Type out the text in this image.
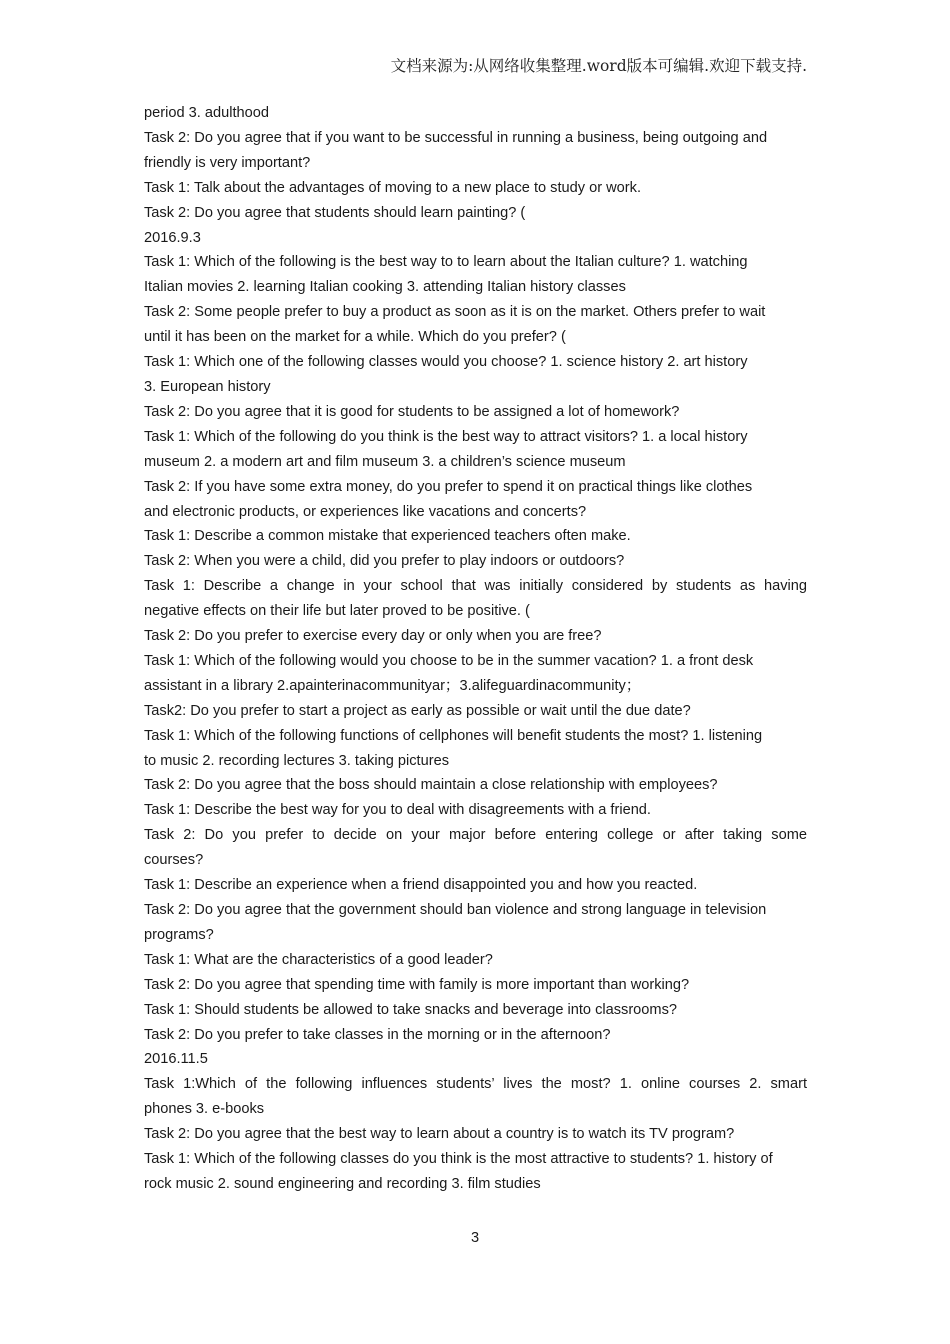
文档来源为:从网络收集整理.word版本可编辑.欢迎下载支持.
period 3. adulthood
Task 2: Do you agree that if you want to be successful in running a business, being outgoing and
friendly is very important?
Task 1: Talk about the advantages of moving to a new place to study or work.
Task 2: Do you agree that students should learn painting? (
2016.9.3
Task 1: Which of the following is the best way to to learn about the Italian culture? 1. watching
Italian movies 2. learning Italian cooking 3. attending Italian history classes
Task 2: Some people prefer to buy a product as soon as it is on the market. Others prefer to wait
until it has been on the market for a while. Which do you prefer? (
Task 1: Which one of the following classes would you choose? 1. science history 2. art history
3. European history
Task 2: Do you agree that it is good for students to be assigned a lot of homework?
Task 1: Which of the following do you think is the best way to attract visitors? 1. a local history
museum 2. a modern art and film museum 3. a children’s science museum
Task 2: If you have some extra money, do you prefer to spend it on practical things like clothes
and electronic products, or experiences like vacations and concerts?
Task 1: Describe a common mistake that experienced teachers often make.
Task 2: When you were a child, did you prefer to play indoors or outdoors?
Task 1: Describe a change in your school that was initially considered by students as having
negative effects on their life but later proved to be positive. (
Task 2: Do you prefer to exercise every day or only when you are free?
Task 1: Which of the following would you choose to be in the summer vacation? 1. a front desk
assistant in a library 2.apainterinacommunityar；3.alifeguardinacommunity；
Task2: Do you prefer to start a project as early as possible or wait until the due date?
Task 1: Which of the following functions of cellphones will benefit students the most? 1. listening
to music 2. recording lectures 3. taking pictures
Task 2: Do you agree that the boss should maintain a close relationship with employees?
Task 1: Describe the best way for you to deal with disagreements with a friend.
Task 2: Do you prefer to decide on your major before entering college or after taking some
courses?
Task 1: Describe an experience when a friend disappointed you and how you reacted.
Task 2: Do you agree that the government should ban violence and strong language in television
programs?
Task 1: What are the characteristics of a good leader?
Task 2: Do you agree that spending time with family is more important than working?
Task 1: Should students be allowed to take snacks and beverage into classrooms?
Task 2: Do you prefer to take classes in the morning or in the afternoon?
2016.11.5
Task 1:Which of the following influences students’ lives the most? 1. online courses 2. smart
phones 3. e-books
Task 2: Do you agree that the best way to learn about a country is to watch its TV program?
Task 1: Which of the following classes do you think is the most attractive to students? 1. history of
rock music 2. sound engineering and recording 3. film studies
3
